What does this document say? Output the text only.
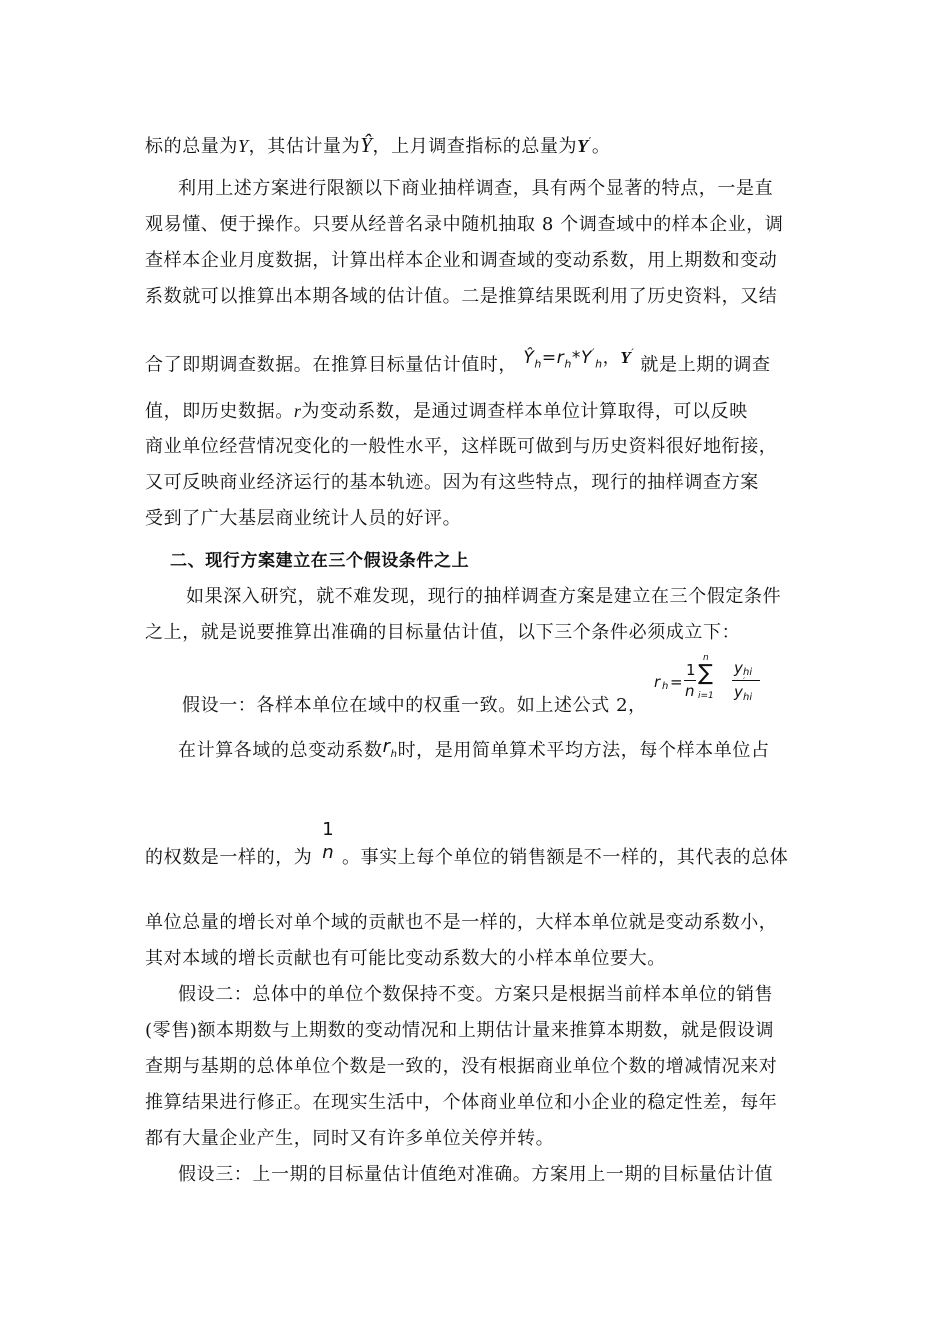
标的总量为Y，其估计量为Ŷ，上月调查指标的总量为Y′。
利用上述方案进行限额以下商业抽样调查，具有两个显著的特点，一是直
观易懂、便于操作。只要从经普名录中随机抽取 8 个调查域中的样本企业，调
查样本企业月度数据，计算出样本企业和调查域的变动系数，用上期数和变动
系数就可以推算出本期各域的估计值。二是推算结果既利用了历史资料，又结
合了即期调查数据。在推算目标量估计值时， $Ŷ_h=r_h*Y'_h$，Y′ 就是上期的调查
值，即历史数据。r为变动系数，是通过调查样本单位计算取得，可以反映
商业单位经营情况变化的一般性水平，这样既可做到与历史资料很好地衔接，
又可反映商业经济运行的基本轨迹。因为有这些特点，现行的抽样调查方案
受到了广大基层商业统计人员的好评。
二、现行方案建立在三个假设条件之上
如果深入研究，就不难发现，现行的抽样调查方案是建立在三个假定条件
之上，就是说要推算出准确的目标量估计值，以下三个条件必须成立下：
假设一：各样本单位在域中的权重一致。如上述公式 2，
r h =
1
n
n
∑
i=1
y hi
y
′
hi
在计算各域的总变动系数$r_h$时，是用简单算术平均方法，每个样本单位占
的权数是一样的，为
1
n 。事实上每个单位的销售额是不一样的，其代表的总体
单位总量的增长对单个域的贡献也不是一样的，大样本单位就是变动系数小，
其对本域的增长贡献也有可能比变动系数大的小样本单位要大。
假设二：总体中的单位个数保持不变。方案只是根据当前样本单位的销售
(零售)额本期数与上期数的变动情况和上期估计量来推算本期数，就是假设调
查期与基期的总体单位个数是一致的，没有根据商业单位个数的增减情况来对
推算结果进行修正。在现实生活中，个体商业单位和小企业的稳定性差，每年
都有大量企业产生，同时又有许多单位关停并转。
假设三：上一期的目标量估计值绝对准确。方案用上一期的目标量估计值
